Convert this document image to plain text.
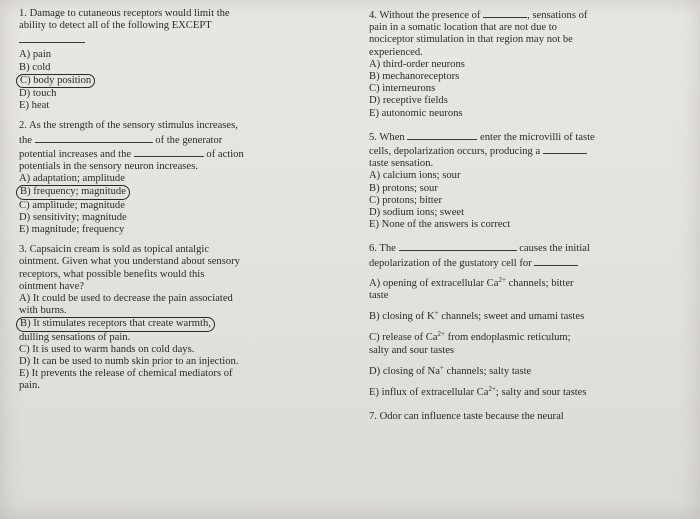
1. Damage to cutaneous receptors would limit the

ability to detect all of the following EXCEPT

A) pain

B) cold

C) body position

D) touch

E) heat

2. As the strength of the sensory stimulus increases,

the	of the generator

potential increases and the	of action

potentials in the sensory neuron increases.

A) adaptation; amplitude

B) frequency; magnitude

C) amplitude; magnitude

D) sensitivity; magnitude

E) magnitude; frequency

3. Capsaicin cream is sold as topical antalgic

ointment. Given what you understand about sensory

receptors, what possible benefits would this

ointment have?

A) It could be used to decrease the pain associated

with burns.

B) It stimulates receptors that create warmth,

dulling sensations of pain.

C) It is used to warm hands on cold days.

D) It can be used to numb skin prior to an injection.

E) It prevents the release of chemical mediators of

pain.

4. Without the presence of	, sensations of

pain in a somatic location that are not due to

nociceptor stimulation in that region may not be

experienced.

A) third-order neurons

B) mechanoreceptors

C) interneurons

D) receptive fields

E) autonomic neurons

5. When	enter the microvilli of taste

cells, depolarization occurs, producing a

taste sensation.

A) calcium ions; sour

B) protons; sour

C) protons; bitter

D) sodium ions; sweet

E) None of the answers is correct

6. The	causes the initial

depolarization of the gustatory cell for

A) opening of extracellular $Ca^{2+}$ channels; bitter

taste

B) closing of K+ channels; sweet and umami tastes

C) release of $Ca^{2+}$ from endoplasmic reticulum;

salty and sour tastes

D) closing of Na+ channels; salty taste

E) influx of extracellular $Ca^{2+}$; salty and sour tastes

7. Odor can influence taste because the neural
